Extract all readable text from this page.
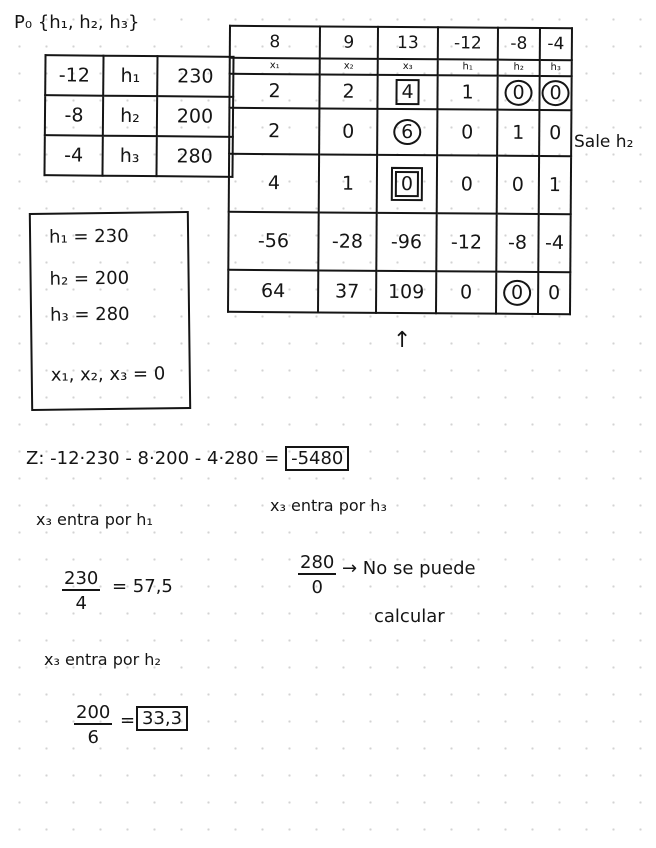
P₀ {h₁, h₂, h₃}
-12	h₁	230
-8	h₂	200
-4	h₃	280
8	9	13	-12	-8	-4
x₁	x₂	x₃	h₁	h₂	h₃
2	2	4	1	0	0
2	0	6	0	1	0
4	1	0	0	0	1
-56	-28	-96	-12	-8	-4
64	37	109	0	0	0
Sale h₂
↑
h₁ = 230
h₂ = 200
h₃ = 280
x₁, x₂, x₃ = 0
Z: -12·230 - 8·200 - 4·280 = -5480
x₃ entra por h₁
$\frac{230}{4} = 57,5$
x₃ entra por h₂
$\frac{200}{6} = 33,3$
x₃ entra por h₃
$\frac{280}{0} \to No$ se puede
calcular
